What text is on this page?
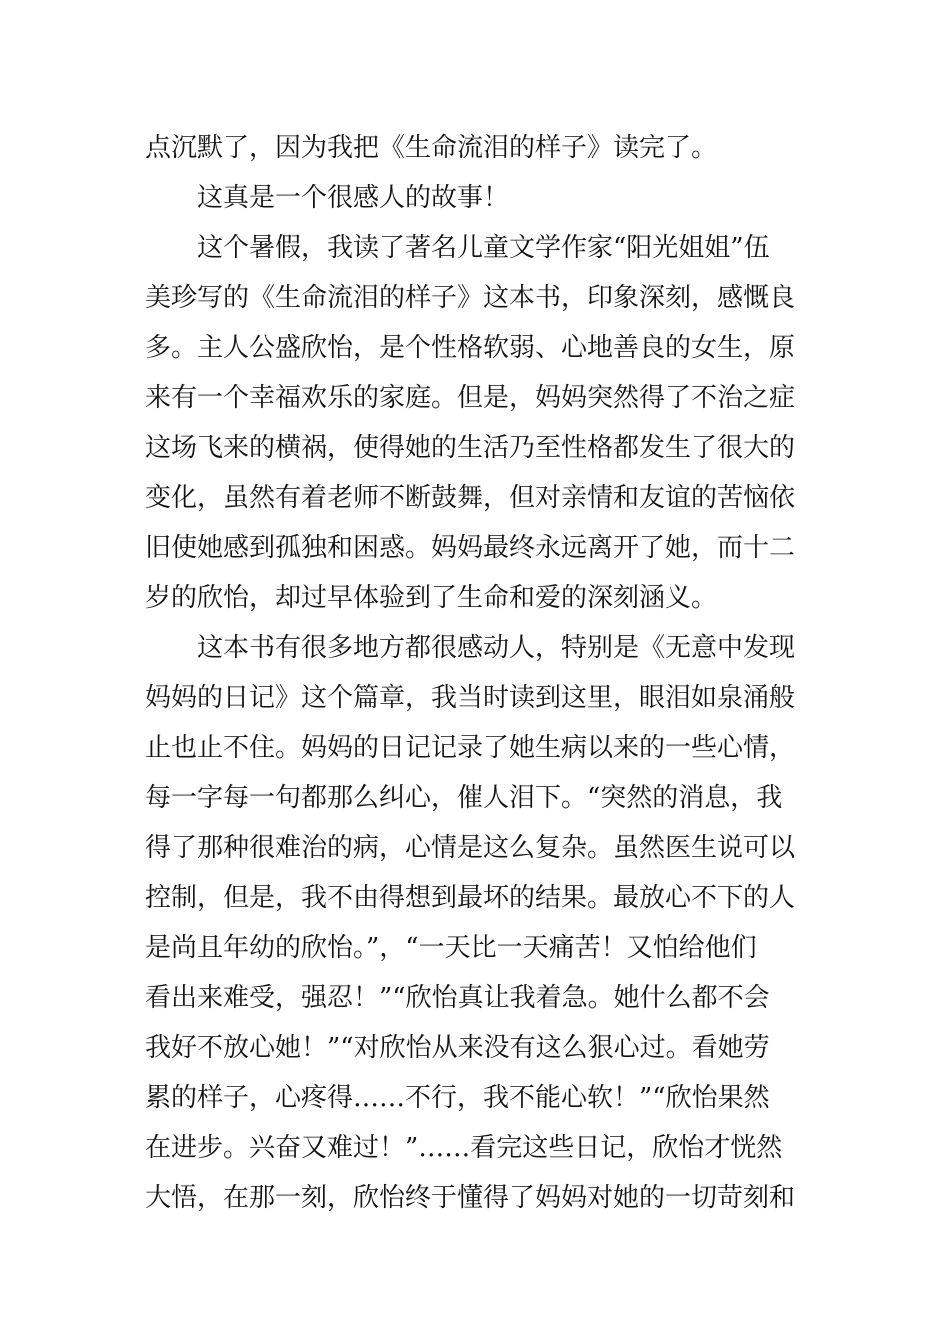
点沉默了，因为我把《生命流泪的样子》读完了。
这真是一个很感人的故事！
这个暑假，我读了著名儿童文学作家“阳光姐姐”伍
美珍写的《生命流泪的样子》这本书，印象深刻，感慨良
多。主人公盛欣怡，是个性格软弱、心地善良的女生，原
来有一个幸福欢乐的家庭。但是，妈妈突然得了不治之症
这场飞来的横祸，使得她的生活乃至性格都发生了很大的
变化，虽然有着老师不断鼓舞，但对亲情和友谊的苦恼依
旧使她感到孤独和困惑。妈妈最终永远离开了她，而十二
岁的欣怡，却过早体验到了生命和爱的深刻涵义。
这本书有很多地方都很感动人，特别是《无意中发现
妈妈的日记》这个篇章，我当时读到这里，眼泪如泉涌般
止也止不住。妈妈的日记记录了她生病以来的一些心情，
每一字每一句都那么纠心，催人泪下。“突然的消息，我
得了那种很难治的病，心情是这么复杂。虽然医生说可以
控制，但是，我不由得想到最坏的结果。最放心不下的人
是尚且年幼的欣怡。”，“一天比一天痛苦！又怕给他们
看出来难受，强忍！”“欣怡真让我着急。她什么都不会
我好不放心她！”“对欣怡从来没有这么狠心过。看她劳
累的样子，心疼得……不行，我不能心软！”“欣怡果然
在进步。兴奋又难过！”……看完这些日记，欣怡才恍然
大悟，在那一刻，欣怡终于懂得了妈妈对她的一切苛刻和
